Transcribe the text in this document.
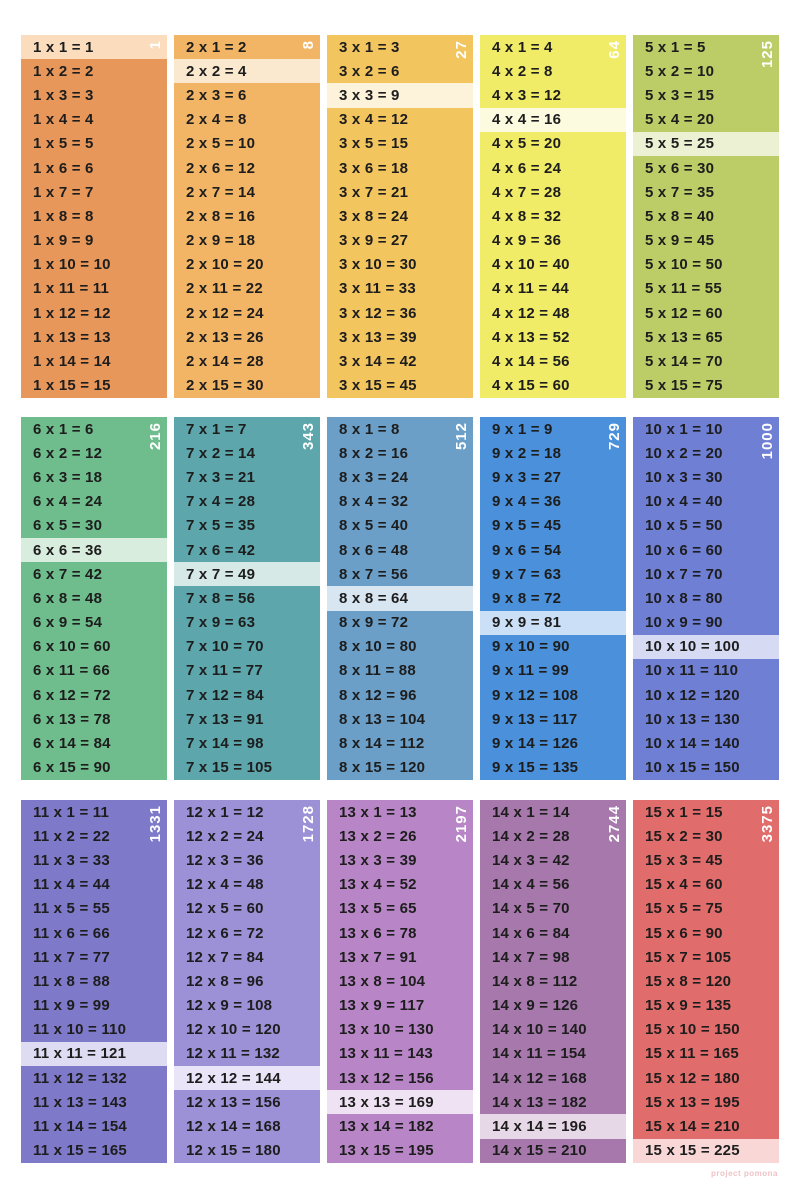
1
1 x 1 = 1
1 x 2 = 2
1 x 3 = 3
1 x 4 = 4
1 x 5 = 5
1 x 6 = 6
1 x 7 = 7
1 x 8 = 8
1 x 9 = 9
1 x 10 = 10
1 x 11 = 11
1 x 12 = 12
1 x 13 = 13
1 x 14 = 14
1 x 15 = 15
8
2 x 1 = 2
2 x 2 = 4
2 x 3 = 6
2 x 4 = 8
2 x 5 = 10
2 x 6 = 12
2 x 7 = 14
2 x 8 = 16
2 x 9 = 18
2 x 10 = 20
2 x 11 = 22
2 x 12 = 24
2 x 13 = 26
2 x 14 = 28
2 x 15 = 30
27
3 x 1 = 3
3 x 2 = 6
3 x 3 = 9
3 x 4 = 12
3 x 5 = 15
3 x 6 = 18
3 x 7 = 21
3 x 8 = 24
3 x 9 = 27
3 x 10 = 30
3 x 11 = 33
3 x 12 = 36
3 x 13 = 39
3 x 14 = 42
3 x 15 = 45
64
4 x 1 = 4
4 x 2 = 8
4 x 3 = 12
4 x 4 = 16
4 x 5 = 20
4 x 6 = 24
4 x 7 = 28
4 x 8 = 32
4 x 9 = 36
4 x 10 = 40
4 x 11 = 44
4 x 12 = 48
4 x 13 = 52
4 x 14 = 56
4 x 15 = 60
125
5 x 1 = 5
5 x 2 = 10
5 x 3 = 15
5 x 4 = 20
5 x 5 = 25
5 x 6 = 30
5 x 7 = 35
5 x 8 = 40
5 x 9 = 45
5 x 10 = 50
5 x 11 = 55
5 x 12 = 60
5 x 13 = 65
5 x 14 = 70
5 x 15 = 75
216
6 x 1 = 6
6 x 2 = 12
6 x 3 = 18
6 x 4 = 24
6 x 5 = 30
6 x 6 = 36
6 x 7 = 42
6 x 8 = 48
6 x 9 = 54
6 x 10 = 60
6 x 11 = 66
6 x 12 = 72
6 x 13 = 78
6 x 14 = 84
6 x 15 = 90
343
7 x 1 = 7
7 x 2 = 14
7 x 3 = 21
7 x 4 = 28
7 x 5 = 35
7 x 6 = 42
7 x 7 = 49
7 x 8 = 56
7 x 9 = 63
7 x 10 = 70
7 x 11 = 77
7 x 12 = 84
7 x 13 = 91
7 x 14 = 98
7 x 15 = 105
512
8 x 1 = 8
8 x 2 = 16
8 x 3 = 24
8 x 4 = 32
8 x 5 = 40
8 x 6 = 48
8 x 7 = 56
8 x 8 = 64
8 x 9 = 72
8 x 10 = 80
8 x 11 = 88
8 x 12 = 96
8 x 13 = 104
8 x 14 = 112
8 x 15 = 120
729
9 x 1 = 9
9 x 2 = 18
9 x 3 = 27
9 x 4 = 36
9 x 5 = 45
9 x 6 = 54
9 x 7 = 63
9 x 8 = 72
9 x 9 = 81
9 x 10 = 90
9 x 11 = 99
9 x 12 = 108
9 x 13 = 117
9 x 14 = 126
9 x 15 = 135
1000
10 x 1 = 10
10 x 2 = 20
10 x 3 = 30
10 x 4 = 40
10 x 5 = 50
10 x 6 = 60
10 x 7 = 70
10 x 8 = 80
10 x 9 = 90
10 x 10 = 100
10 x 11 = 110
10 x 12 = 120
10 x 13 = 130
10 x 14 = 140
10 x 15 = 150
1331
11 x 1 = 11
11 x 2 = 22
11 x 3 = 33
11 x 4 = 44
11 x 5 = 55
11 x 6 = 66
11 x 7 = 77
11 x 8 = 88
11 x 9 = 99
11 x 10 = 110
11 x 11 = 121
11 x 12 = 132
11 x 13 = 143
11 x 14 = 154
11 x 15 = 165
1728
12 x 1 = 12
12 x 2 = 24
12 x 3 = 36
12 x 4 = 48
12 x 5 = 60
12 x 6 = 72
12 x 7 = 84
12 x 8 = 96
12 x 9 = 108
12 x 10 = 120
12 x 11 = 132
12 x 12 = 144
12 x 13 = 156
12 x 14 = 168
12 x 15 = 180
2197
13 x 1 = 13
13 x 2 = 26
13 x 3 = 39
13 x 4 = 52
13 x 5 = 65
13 x 6 = 78
13 x 7 = 91
13 x 8 = 104
13 x 9 = 117
13 x 10 = 130
13 x 11 = 143
13 x 12 = 156
13 x 13 = 169
13 x 14 = 182
13 x 15 = 195
2744
14 x 1 = 14
14 x 2 = 28
14 x 3 = 42
14 x 4 = 56
14 x 5 = 70
14 x 6 = 84
14 x 7 = 98
14 x 8 = 112
14 x 9 = 126
14 x 10 = 140
14 x 11 = 154
14 x 12 = 168
14 x 13 = 182
14 x 14 = 196
14 x 15 = 210
3375
15 x 1 = 15
15 x 2 = 30
15 x 3 = 45
15 x 4 = 60
15 x 5 = 75
15 x 6 = 90
15 x 7 = 105
15 x 8 = 120
15 x 9 = 135
15 x 10 = 150
15 x 11 = 165
15 x 12 = 180
15 x 13 = 195
15 x 14 = 210
15 x 15 = 225
project pomona
